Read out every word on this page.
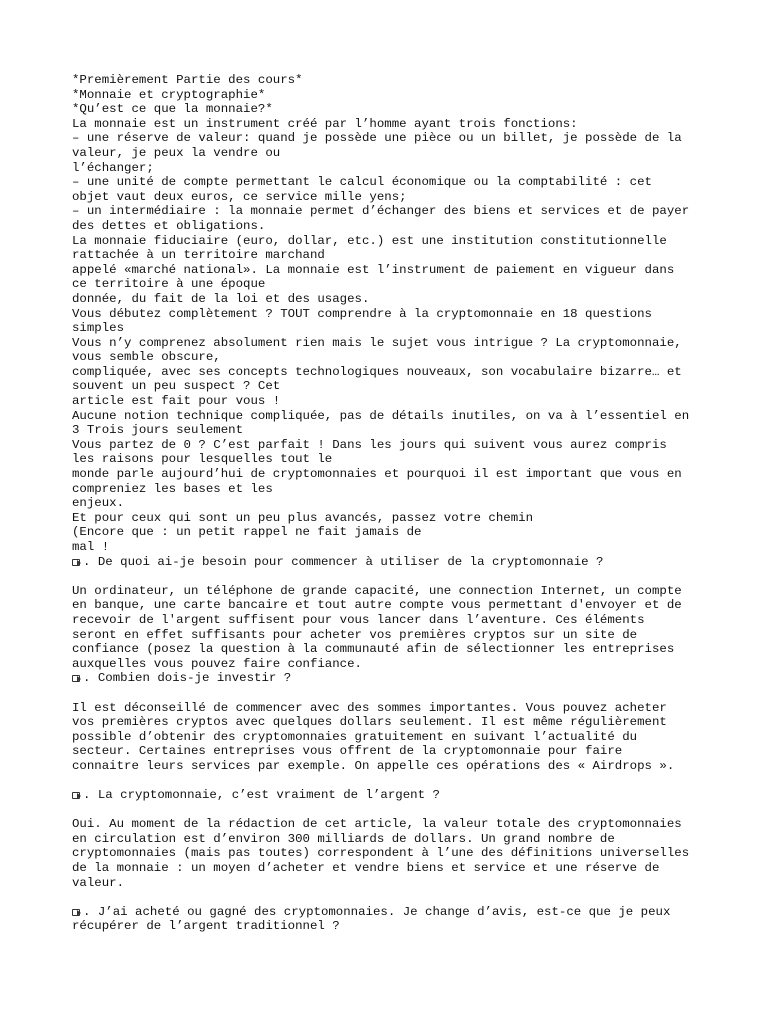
*Premièrement Partie des cours*
*Monnaie et cryptographie*
*Qu’est ce que la monnaie?*
La monnaie est un instrument créé par l’homme ayant trois fonctions:
– une réserve de valeur: quand je possède une pièce ou un billet, je possède de la
valeur, je peux la vendre ou
l’échanger;
– une unité de compte permettant le calcul économique ou la comptabilité : cet
objet vaut deux euros, ce service mille yens;
– un intermédiaire : la monnaie permet d’échanger des biens et services et de payer
des dettes et obligations.
La monnaie fiduciaire (euro, dollar, etc.) est une institution constitutionnelle
rattachée à un territoire marchand
appelé «marché national». La monnaie est l’instrument de paiement en vigueur dans
ce territoire à une époque
donnée, du fait de la loi et des usages.
Vous débutez complètement ? TOUT comprendre à la cryptomonnaie en 18 questions
simples
Vous n’y comprenez absolument rien mais le sujet vous intrigue ? La cryptomonnaie,
vous semble obscure,
compliquée, avec ses concepts technologiques nouveaux, son vocabulaire bizarre… et
souvent un peu suspect ? Cet
article est fait pour vous !
Aucune notion technique compliquée, pas de détails inutiles, on va à l’essentiel en
3 Trois jours seulement
Vous partez de 0 ? C’est parfait ! Dans les jours qui suivent vous aurez compris
les raisons pour lesquelles tout le
monde parle aujourd’hui de cryptomonnaies et pourquoi il est important que vous en
compreniez les bases et les
enjeux.
Et pour ceux qui sont un peu plus avancés, passez votre chemin
(Encore que : un petit rappel ne fait jamais de
mal !
. De quoi ai-je besoin pour commencer à utiliser de la cryptomonnaie ?
Un ordinateur, un téléphone de grande capacité, une connection Internet, un compte
en banque, une carte bancaire et tout autre compte vous permettant d'envoyer et de
recevoir de l'argent suffisent pour vous lancer dans l’aventure. Ces éléments
seront en effet suffisants pour acheter vos premières cryptos sur un site de
confiance (posez la question à la communauté afin de sélectionner les entreprises
auxquelles vous pouvez faire confiance.
. Combien dois-je investir ?
Il est déconseillé de commencer avec des sommes importantes. Vous pouvez acheter
vos premières cryptos avec quelques dollars seulement. Il est même régulièrement
possible d’obtenir des cryptomonnaies gratuitement en suivant l’actualité du
secteur. Certaines entreprises vous offrent de la cryptomonnaie pour faire
connaitre leurs services par exemple. On appelle ces opérations des « Airdrops ».
. La cryptomonnaie, c’est vraiment de l’argent ?
Oui. Au moment de la rédaction de cet article, la valeur totale des cryptomonnaies
en circulation est d’environ 300 milliards de dollars. Un grand nombre de
cryptomonnaies (mais pas toutes) correspondent à l’une des définitions universelles
de la monnaie : un moyen d’acheter et vendre biens et service et une réserve de
valeur.
. J’ai acheté ou gagné des cryptomonnaies. Je change d’avis, est-ce que je peux
récupérer de l’argent traditionnel ?
